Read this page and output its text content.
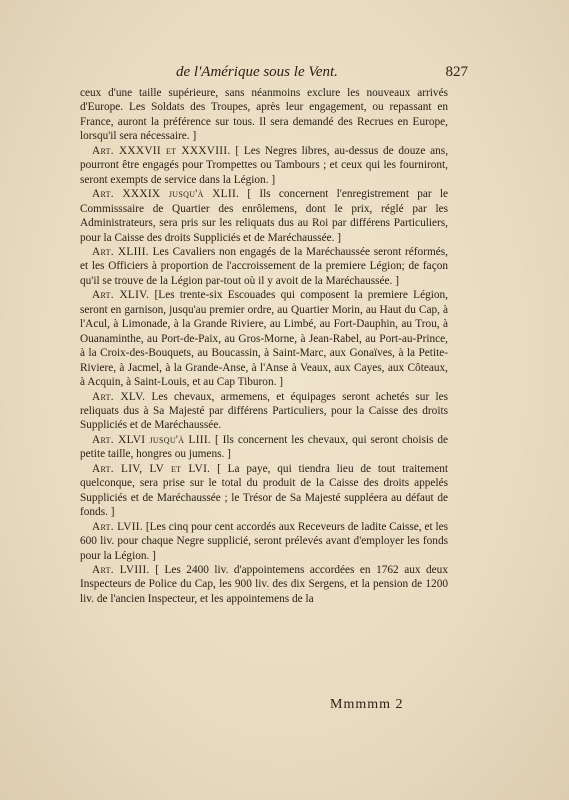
de l'Amérique sous le Vent.	827

ceux d'une taille supérieure, sans néanmoins exclure les nouveaux arrivés d'Europe. Les Soldats des Troupes, après leur engagement, ou repassant en France, auront la préférence sur tous. Il sera demandé des Recrues en Europe, lorsqu'il sera nécessaire. ]

Art. XXXVII et XXXVIII. [ Les Negres libres, au-dessus de douze ans, pourront être engagés pour Trompettes ou Tambours ; et ceux qui les fourniront, seront exempts de service dans la Légion. ]

Art. XXXIX jusqu'à XLII. [ Ils concernent l'enregistrement par le Commisssaire de Quartier des enrôlemens, dont le prix, réglé par les Administrateurs, sera pris sur les reliquats dus au Roi par différens Particuliers, pour la Caisse des droits Suppliciés et de Maréchaussée. ]

Art. XLIII. Les Cavaliers non engagés de la Maréchaussée seront réformés, et les Officiers à proportion de l'accroissement de la premiere Légion; de façon qu'il se trouve de la Légion par-tout où il y avoit de la Maréchaussée. ]

Art. XLIV. [Les trente-six Escouades qui composent la premiere Légion, seront en garnison, jusqu'au premier ordre, au Quartier Morin, au Haut du Cap, à l'Acul, à Limonade, à la Grande Riviere, au Limbé, au Fort-Dauphin, au Trou, à Ouanaminthe, au Port-de-Paix, au Gros-Morne, à Jean-Rabel, au Port-au-Prince, à la Croix-des-Bouquets, au Boucassin, à Saint-Marc, aux Gonaïves, à la Petite-Riviere, à Jacmel, à la Grande-Anse, à l'Anse à Veaux, aux Cayes, aux Côteaux, à Acquin, à Saint-Louis, et au Cap Tiburon. ]

Art. XLV. Les chevaux, armemens, et équipages seront achetés sur les reliquats dus à Sa Majesté par différens Particuliers, pour la Caisse des droits Suppliciés et de Maréchaussée.

Art. XLVI jusqu'à LIII. [ Ils concernent les chevaux, qui seront choisis de petite taille, hongres ou jumens. ]

Art. LIV, LV et LVI. [ La paye, qui tiendra lieu de tout traitement quelconque, sera prise sur le total du produit de la Caisse des droits appelés Suppliciés et de Maréchaussée ; le Trésor de Sa Majesté suppléera au défaut de fonds. ]

Art. LVII. [Les cinq pour cent accordés aux Receveurs de ladite Caisse, et les 600 liv. pour chaque Negre supplicié, seront prélevés avant d'employer les fonds pour la Légion. ]

Art. LVIII. [ Les 2400 liv. d'appointemens accordées en 1762 aux deux Inspecteurs de Police du Cap, les 900 liv. des dix Sergens, et la pension de 1200 liv. de l'ancien Inspecteur, et les appointemens de la

Mmmmm 2
